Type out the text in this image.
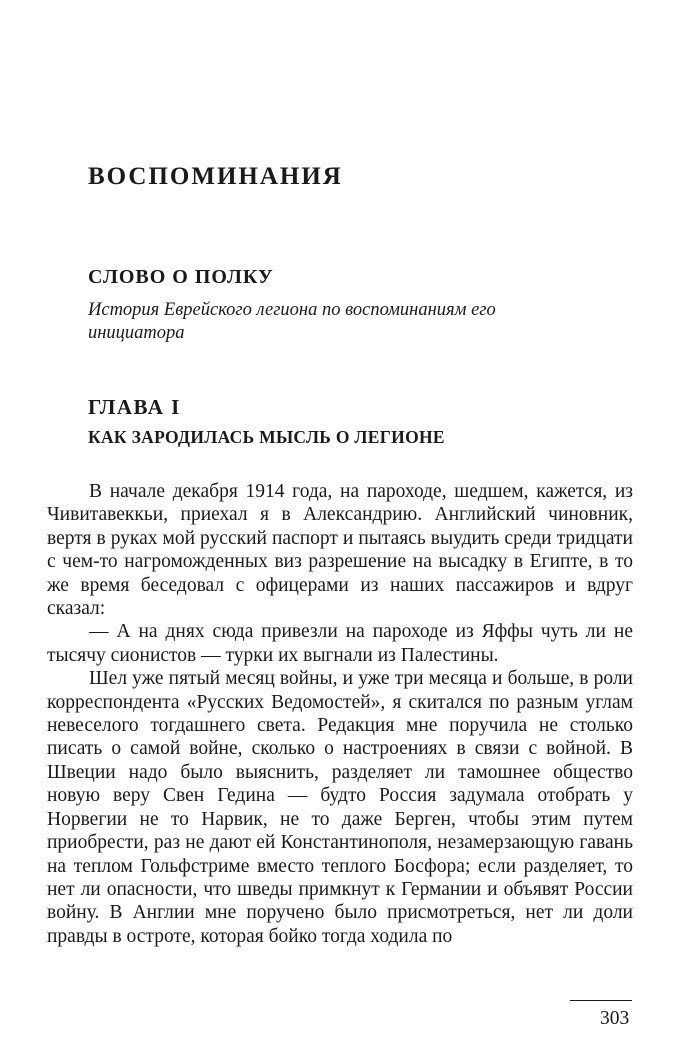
ВОСПОМИНАНИЯ
СЛОВО О ПОЛКУ

История Еврейского легиона по воспоминаниям его инициатора

ГЛАВА I
КАК ЗАРОДИЛАСЬ МЫСЛЬ О ЛЕГИОНЕ

В начале декабря 1914 года, на пароходе, шедшем, кажется, из Чивитавеккьи, приехал я в Александрию. Английский чиновник, вертя в руках мой русский паспорт и пытаясь выудить среди тридцати с чем-то нагроможденных виз разрешение на высадку в Египте, в то же время беседовал с офицерами из наших пассажиров и вдруг сказал:

— А на днях сюда привезли на пароходе из Яффы чуть ли не тысячу сионистов — турки их выгнали из Палестины.

Шел уже пятый месяц войны, и уже три месяца и больше, в роли корреспондента «Русских Ведомостей», я скитался по разным углам невеселого тогдашнего света. Редакция мне поручила не столько писать о самой войне, сколько о настроениях в связи с войной. В Швеции надо было выяснить, разделяет ли тамошнее общество новую веру Свен Гедина — будто Россия задумала отобрать у Норвегии не то Нарвик, не то даже Берген, чтобы этим путем приобрести, раз не дают ей Константинополя, незамерзающую гавань на теплом Гольфстриме вместо теплого Босфора; если разделяет, то нет ли опасности, что шведы примкнут к Германии и объявят России войну. В Англии мне поручено было присмотреться, нет ли доли правды в остроте, которая бойко тогда ходила по

303
